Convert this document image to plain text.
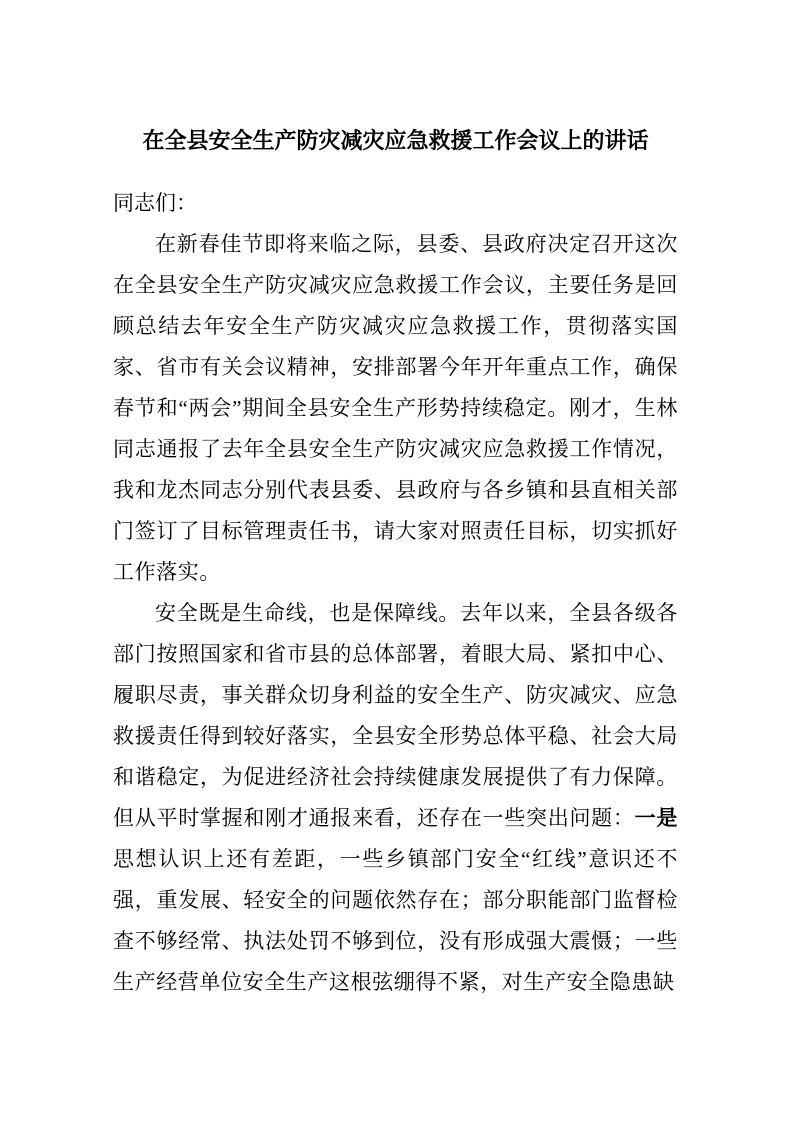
在全县安全生产防灾减灾应急救援工作会议上的讲话

同志们：

在新春佳节即将来临之际，县委、县政府决定召开这次在全县安全生产防灾减灾应急救援工作会议，主要任务是回顾总结去年安全生产防灾减灾应急救援工作，贯彻落实国家、省市有关会议精神，安排部署今年开年重点工作，确保春节和“两会”期间全县安全生产形势持续稳定。刚才，生林同志通报了去年全县安全生产防灾减灾应急救援工作情况，我和龙杰同志分别代表县委、县政府与各乡镇和县直相关部门签订了目标管理责任书，请大家对照责任目标，切实抓好工作落实。

安全既是生命线，也是保障线。去年以来，全县各级各部门按照国家和省市县的总体部署，着眼大局、紧扣中心、履职尽责，事关群众切身利益的安全生产、防灾减灾、应急救援责任得到较好落实，全县安全形势总体平稳、社会大局和谐稳定，为促进经济社会持续健康发展提供了有力保障。但从平时掌握和刚才通报来看，还存在一些突出问题：一是思想认识上还有差距，一些乡镇部门安全“红线”意识还不强，重发展、轻安全的问题依然存在；部分职能部门监督检查不够经常、执法处罚不够到位，没有形成强大震慑；一些生产经营单位安全生产这根弦绷得不紧，对生产安全隐患缺
